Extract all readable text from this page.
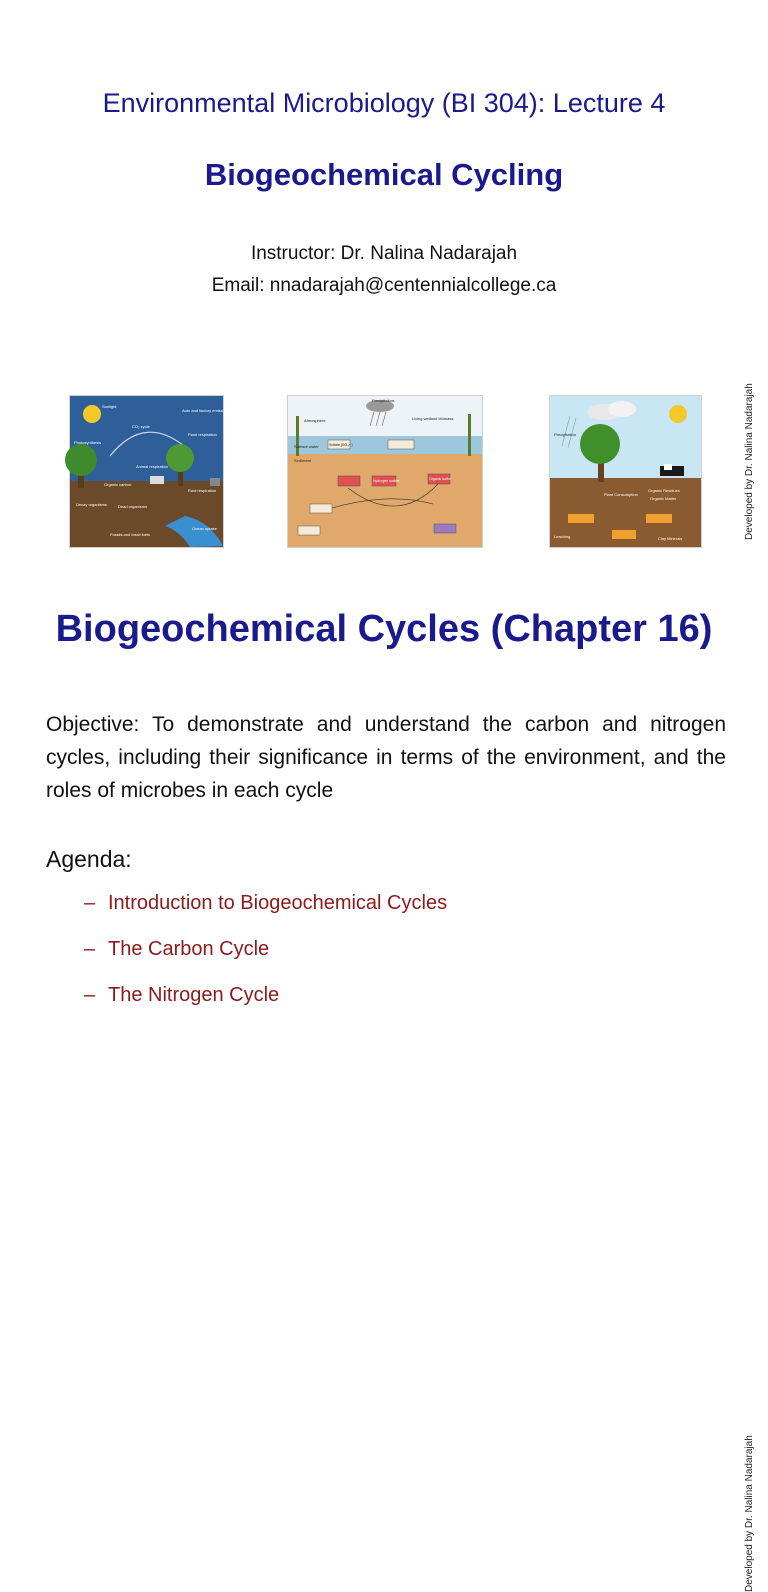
Environmental Microbiology (BI 304): Lecture 4
Biogeochemical Cycling
Instructor: Dr. Nalina Nadarajah
Email: nnadarajah@centennialcollege.ca
Sunlight
CO₂ cycle
Auto and factory emissions
Photosynthesis
Plant respiration
Animal respiration
Organic carbon
Root respiration
Dead organisms
Decay organisms
Ocean uptake
Fossils and fossil fuels
Precipitation
Atmosphere	Living wetland biomass
Surface water
Sediment
Sulfate (SO₄²⁻)
Hydrogen sulfide	Organic sulfur
Precipitation
Organic Residues
Organic Matter
Plant Consumption
Leaching	Clay Minerals	Developed by Dr. Nalina Nadarajah
Biogeochemical Cycles (Chapter 16)
Objective: To demonstrate and understand the carbon and nitrogen cycles, including their significance in terms of the environment, and the roles of microbes in each cycle
Agenda:
– Introduction to Biogeochemical Cycles
– The Carbon Cycle
– The Nitrogen Cycle
Developed by Dr. Nalina Nadarajah
